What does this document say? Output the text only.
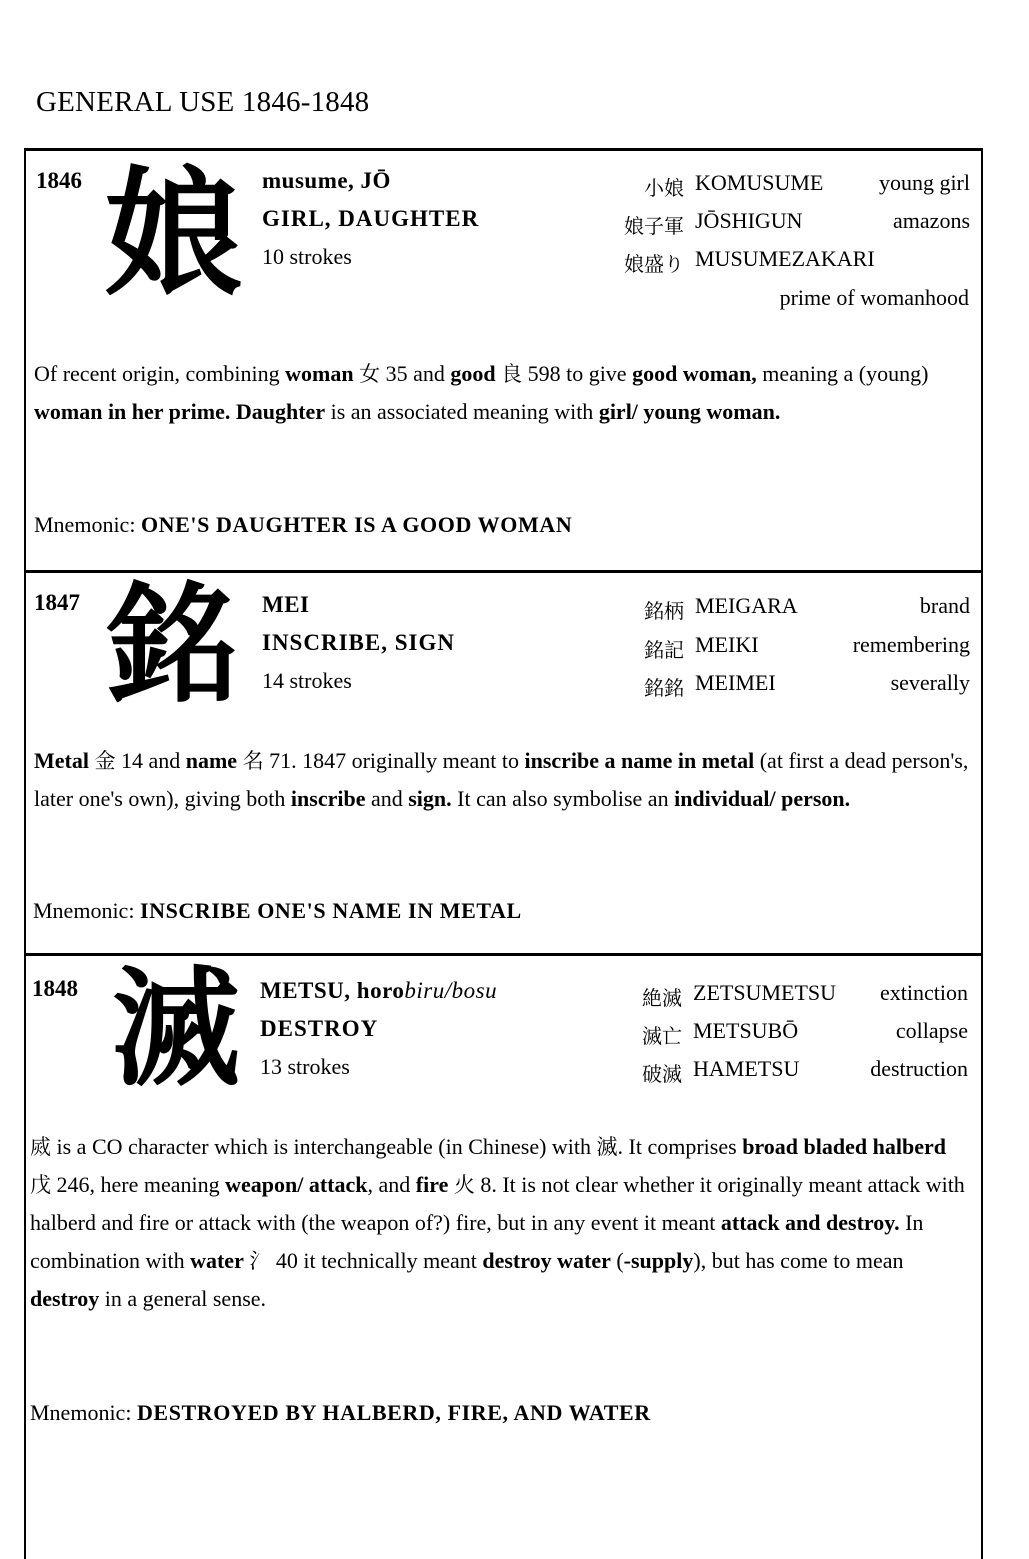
GENERAL USE 1846-1848
1846 娘 musume, JŌ
GIRL, DAUGHTER
10 strokes
小娘 KOMUSUME	young girl
娘子軍 JŌSHIGUN	amazons
娘盛り MUSUMEZAKARI
prime of womanhood
Of recent origin, combining woman 女 35 and good 良 598 to give good woman, meaning a (young) woman in her prime. Daughter is an associated meaning with girl/ young woman.
Mnemonic: ONE'S DAUGHTER IS A GOOD WOMAN
1847 銘	MEI
INSCRIBE, SIGN
14 strokes
銘柄 MEIGARA	brand
銘記 MEIKI	remembering
銘銘 MEIMEI	severally
Metal 金 14 and name 名 71. 1847 originally meant to inscribe a name in metal (at first a dead person's, later one's own), giving both inscribe and sign. It can also symbolise an individual/ person.
Mnemonic: INSCRIBE ONE'S NAME IN METAL
1848 滅 METSU, horobiru/bosu
DESTROY
13 strokes
絶滅 ZETSUMETSU extinction
滅亡 METSUBŌ	collapse
破滅 HAMETSU	destruction
烕 is a CO character which is interchangeable (in Chinese) with 滅. It comprises broad bladed halberd 戊 246, here meaning weapon/ attack, and fire 火 8. It is not clear whether it originally meant attack with halberd and fire or attack with (the weapon of?) fire, but in any event it meant attack and destroy. In combination with water 氵 40 it technically meant destroy water (-supply), but has come to mean destroy in a general sense.
Mnemonic: DESTROYED BY HALBERD, FIRE, AND WATER
